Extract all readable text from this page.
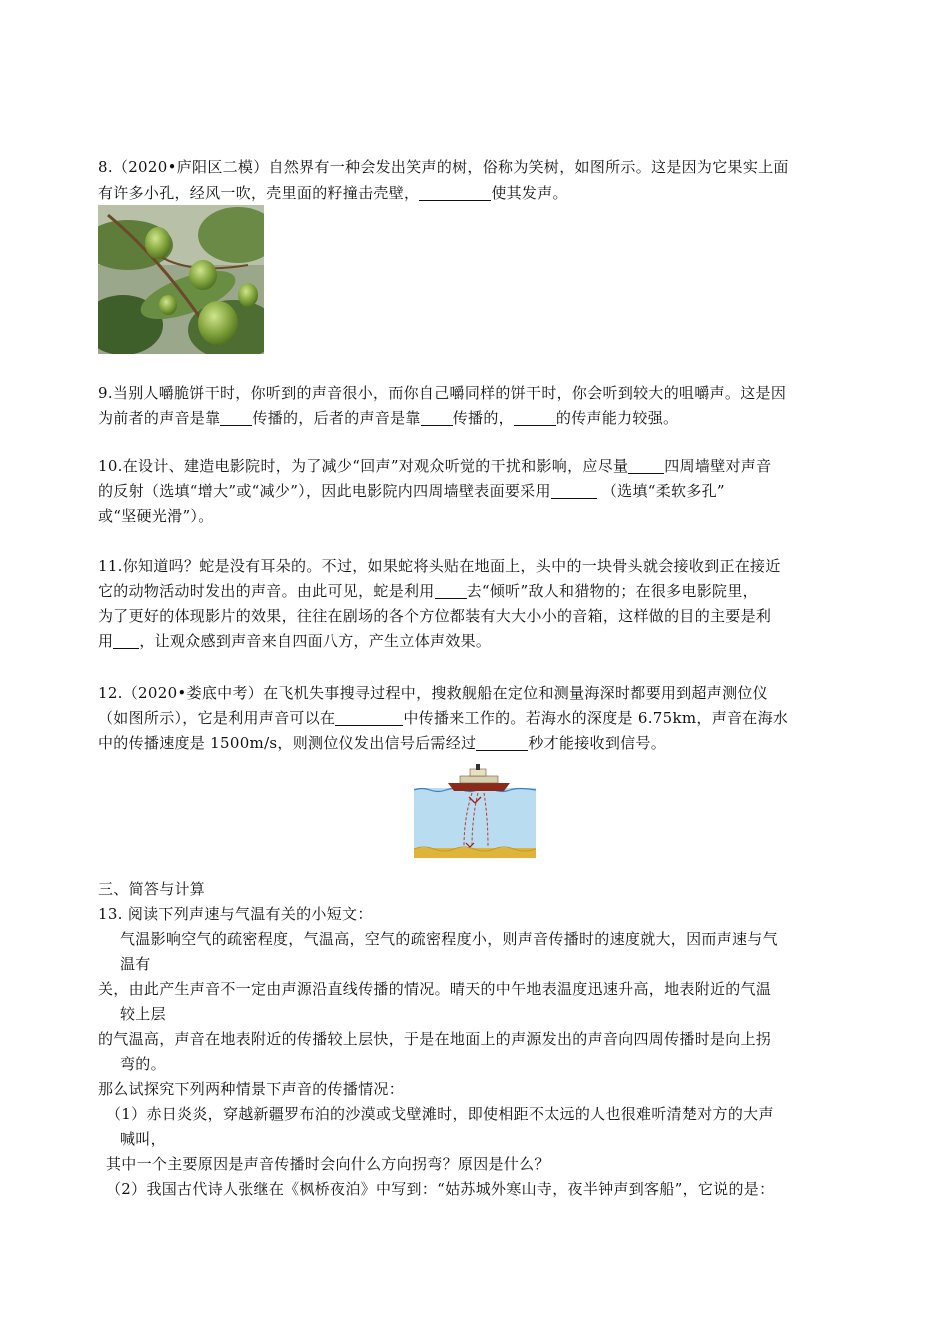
8.（2020•庐阳区二模）自然界有一种会发出笑声的树，俗称为笑树，如图所示。这是因为它果实上面
有许多小孔，经风一吹，壳里面的籽撞击壳壁，	使其发声。
9.当别人嚼脆饼干时，你听到的声音很小，而你自己嚼同样的饼干时，你会听到较大的咀嚼声。这是因
为前者的声音是靠 传播的，后者的声音是靠 传播的，	的传声能力较强。
10.在设计、建造电影院时，为了减少“回声”对观众听觉的干扰和影响，应尽量 四周墙壁对声音
的反射（选填“增大”或“减少”），因此电影院内四周墙壁表面要采用	（选填“柔软多孔”
或“坚硬光滑”）。
11.你知道吗？蛇是没有耳朵的。不过，如果蛇将头贴在地面上，头中的一块骨头就会接收到正在接近
它的动物活动时发出的声音。由此可见，蛇是利用 去“倾听”敌人和猎物的；在很多电影院里，
为了更好的体现影片的效果，往往在剧场的各个方位都装有大大小小的音箱，这样做的目的主要是利
用 ，让观众感到声音来自四面八方，产生立体声效果。
12.（2020•娄底中考）在飞机失事搜寻过程中，搜救舰船在定位和测量海深时都要用到超声测位仪
（如图所示），它是利用声音可以在	中传播来工作的。若海水的深度是 6.75km，声音在海水
中的传播速度是 1500m/s，则测位仪发出信号后需经过	秒才能接收到信号。
三、简答与计算
13. 阅读下列声速与气温有关的小短文：
气温影响空气的疏密程度，气温高，空气的疏密程度小，则声音传播时的速度就大，因而声速与气
温有
关，由此产生声音不一定由声源沿直线传播的情况。晴天的中午地表温度迅速升高，地表附近的气温
较上层
的气温高，声音在地表附近的传播较上层快，于是在地面上的声源发出的声音向四周传播时是向上拐
弯的。
那么试探究下列两种情景下声音的传播情况：
（1）赤日炎炎，穿越新疆罗布泊的沙漠或戈壁滩时，即使相距不太远的人也很难听清楚对方的大声
喊叫，
其中一个主要原因是声音传播时会向什么方向拐弯？原因是什么？
（2）我国古代诗人张继在《枫桥夜泊》中写到：“姑苏城外寒山寺，夜半钟声到客船”，它说的是：
